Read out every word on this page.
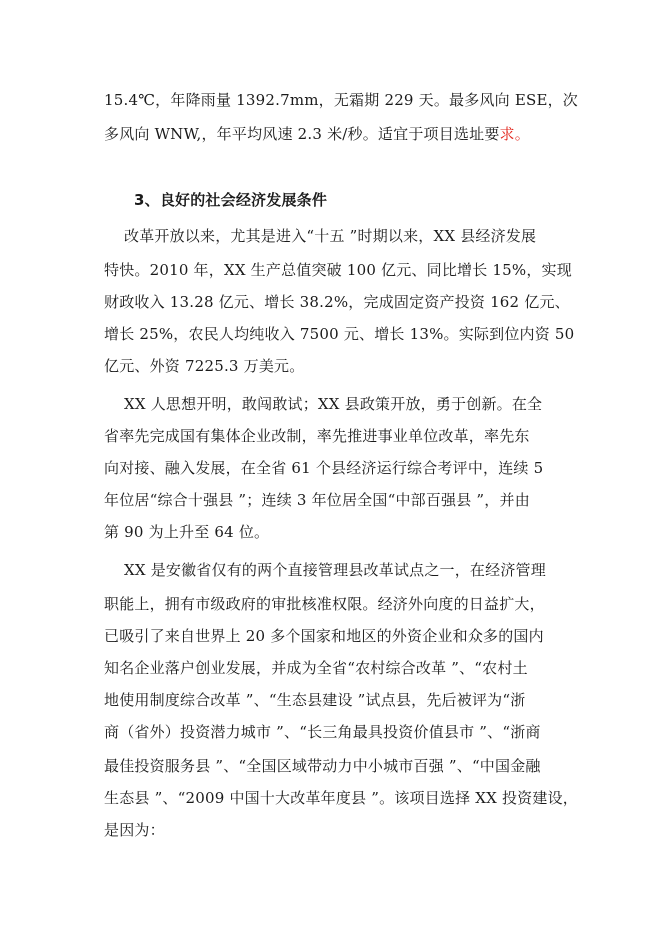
15.4℃，年降雨量 1392.7mm，无霜期 229 天。最多风向 ESE，次
多风向 WNW,，年平均风速 2.3 米/秒。适宜于项目选址要求。
3、良好的社会经济发展条件
改革开放以来，尤其是进入“十五 ”时期以来，XX 县经济发展
特快。2010 年，XX 生产总值突破 100 亿元、同比增长 15%，实现
财政收入 13.28 亿元、增长 38.2%，完成固定资产投资 162 亿元、
增长 25%，农民人均纯收入 7500 元、增长 13%。实际到位内资 50
亿元、外资 7225.3 万美元。
XX 人思想开明，敢闯敢试；XX 县政策开放，勇于创新。在全
省率先完成国有集体企业改制，率先推进事业单位改革，率先东
向对接、融入发展，在全省 61 个县经济运行综合考评中，连续 5
年位居“综合十强县 ”；连续 3 年位居全国“中部百强县 ”，并由
第 90 为上升至 64 位。
XX 是安徽省仅有的两个直接管理县改革试点之一，在经济管理
职能上，拥有市级政府的审批核准权限。经济外向度的日益扩大，
已吸引了来自世界上 20 多个国家和地区的外资企业和众多的国内
知名企业落户创业发展，并成为全省“农村综合改革 ”、“农村土
地使用制度综合改革 ”、“生态县建设 ”试点县，先后被评为“浙
商（省外）投资潜力城市 ”、“长三角最具投资价值县市 ”、“浙商
最佳投资服务县 ”、“全国区域带动力中小城市百强 ”、“中国金融
生态县 ”、“2009 中国十大改革年度县 ”。该项目选择 XX 投资建设，
是因为：
